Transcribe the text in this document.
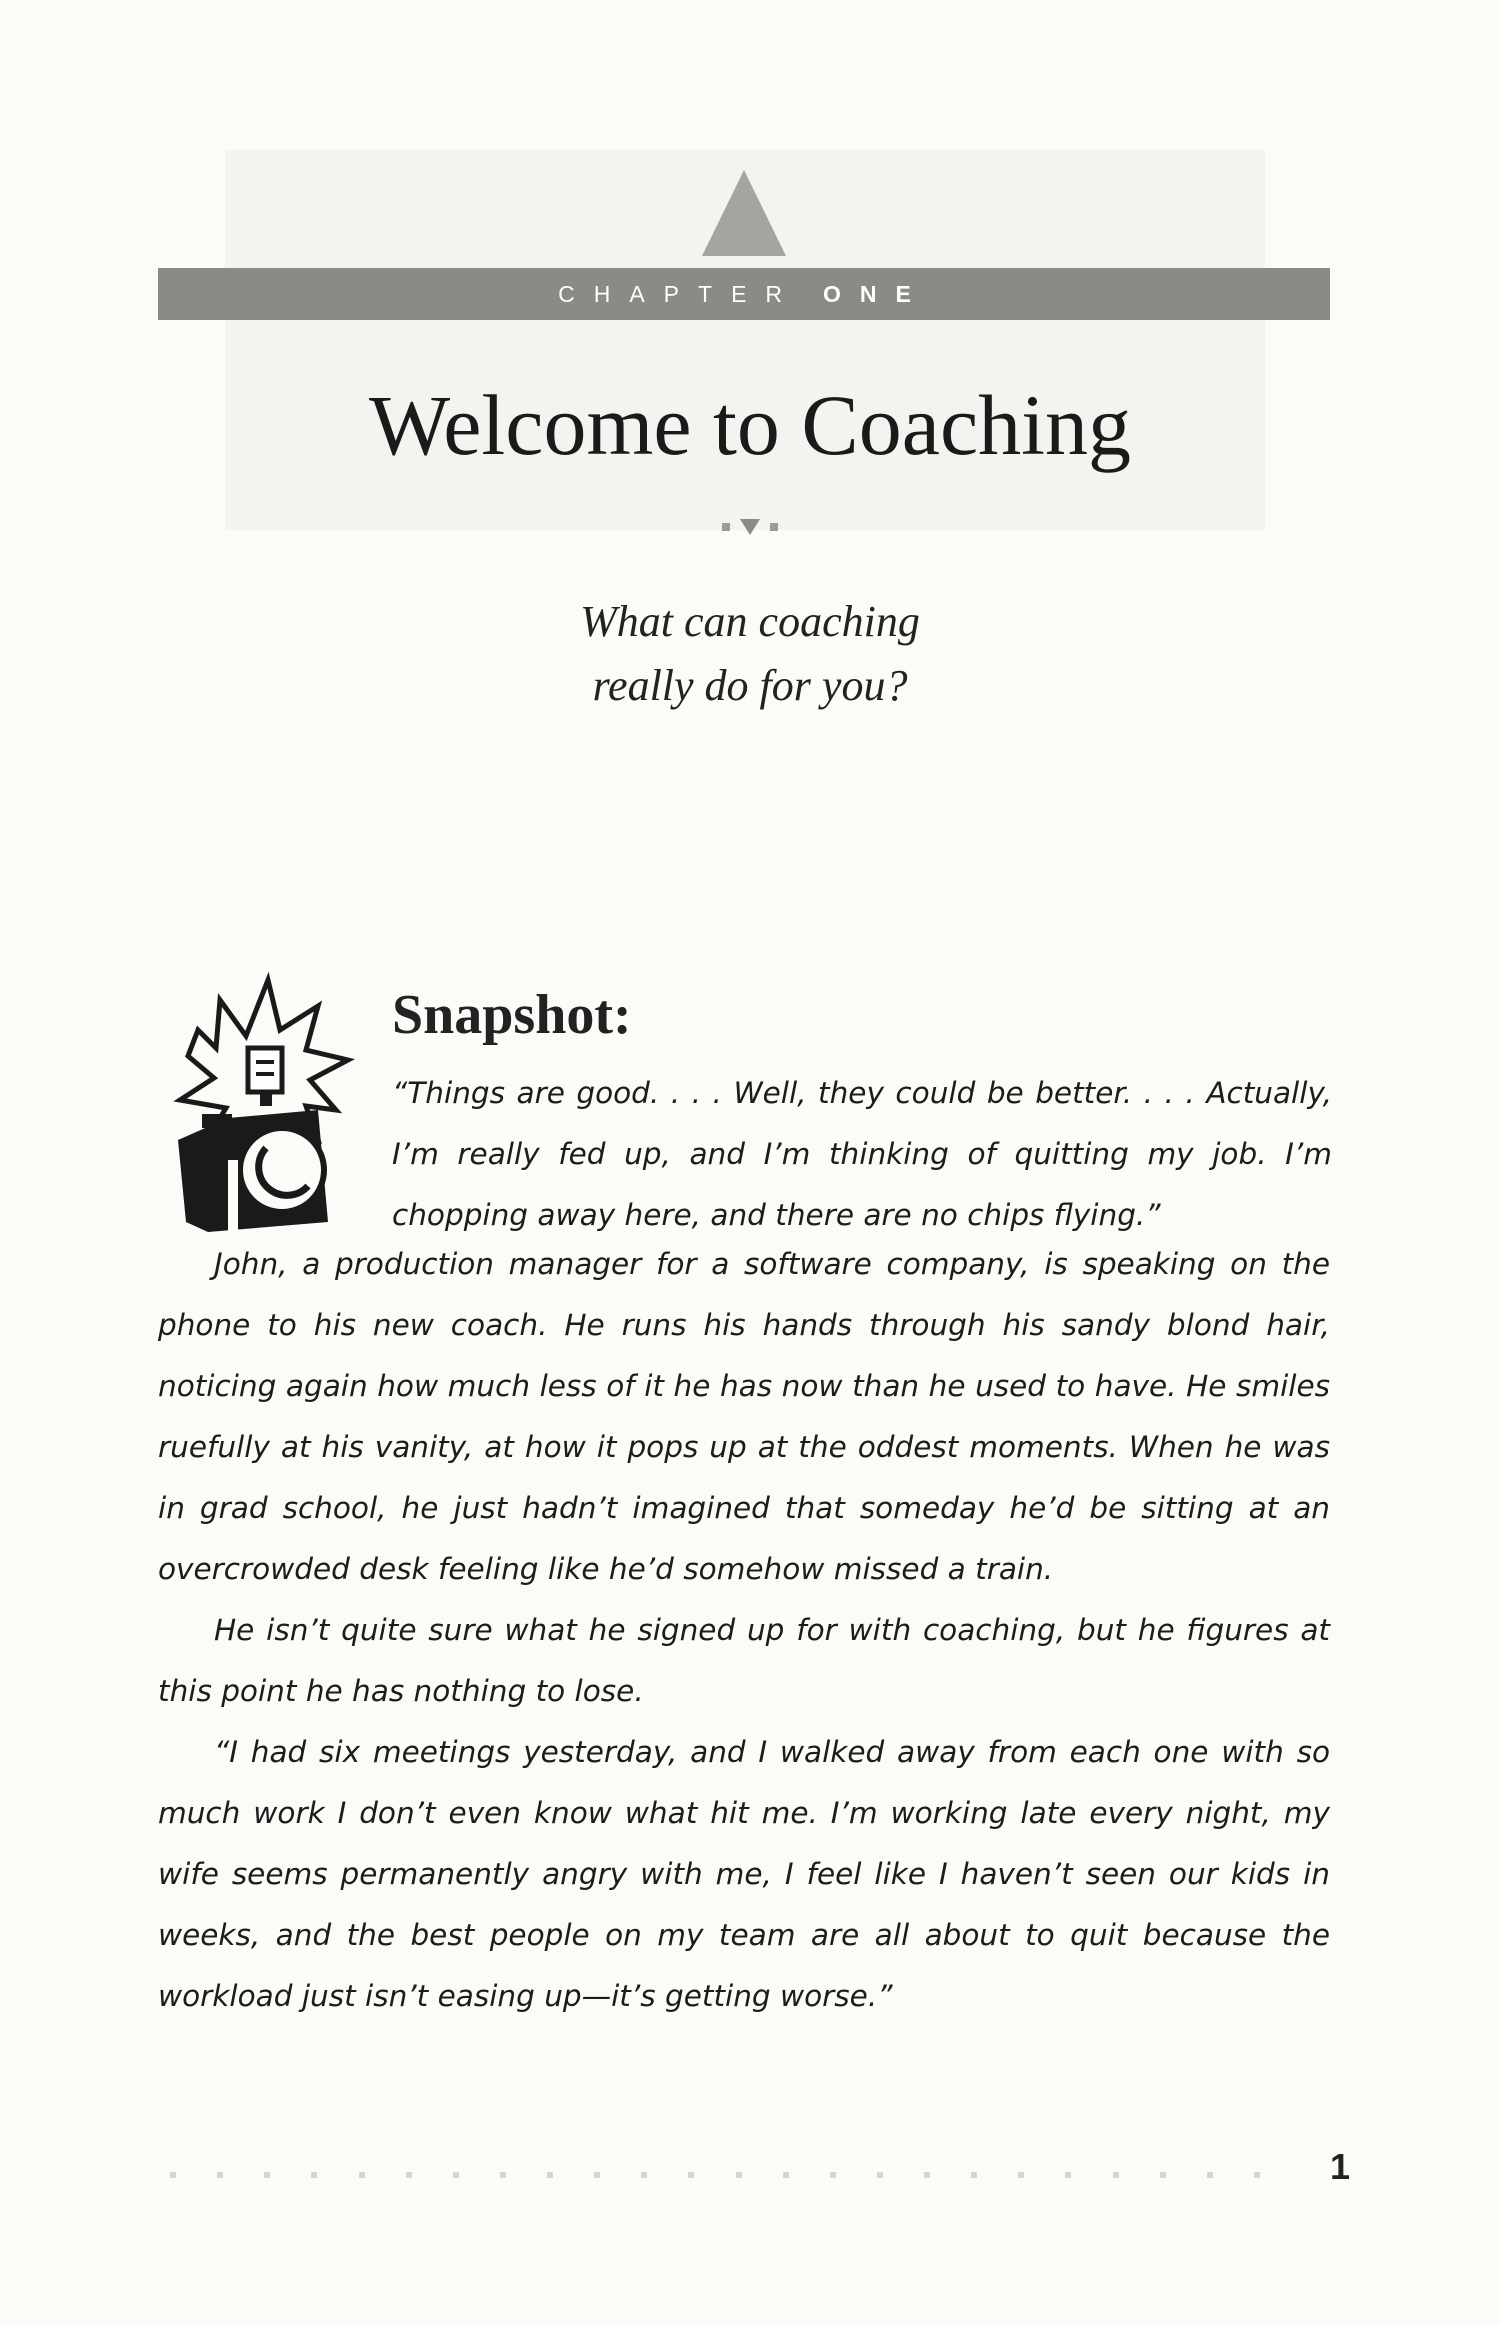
CHAPTER ONE
Welcome to Coaching
What can coaching
really do for you?
Snapshot:
“Things are good. . . . Well, they could be better. . . . Actually, I’m really fed up, and I’m thinking of quitting my job. I’m chopping away here, and there are no chips flying.”

John, a production manager for a software company, is speaking on the phone to his new coach. He runs his hands through his sandy blond hair, noticing again how much less of it he has now than he used to have. He smiles ruefully at his vanity, at how it pops up at the oddest moments. When he was in grad school, he just hadn’t imagined that someday he’d be sitting at an overcrowded desk feeling like he’d somehow missed a train.

He isn’t quite sure what he signed up for with coaching, but he figures at this point he has nothing to lose.

“I had six meetings yesterday, and I walked away from each one with so much work I don’t even know what hit me. I’m working late every night, my wife seems permanently angry with me, I feel like I haven’t seen our kids in weeks, and the best people on my team are all about to quit because the workload just isn’t easing up—it’s getting worse.”

1
